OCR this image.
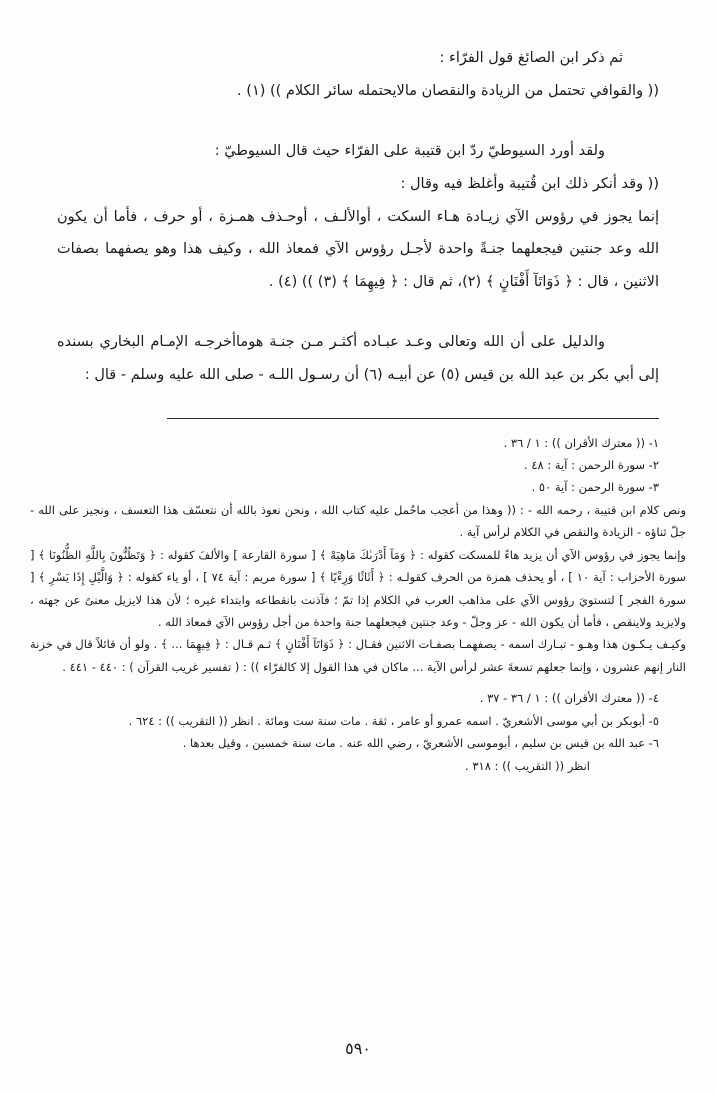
ثم ذكر ابن الصائغ قول الفرّاء :

(( والقوافي تحتمل من الزيادة والنقصان مالايحتمله سائر الكلام )) (١) .

ولقد أورد السيوطيّ ردّ ابن قتيبة على الفرّاء حيث قال السيوطيّ :

(( وقد أنكر ذلك ابن قُتيبة وأغلظ فيه وقال :

إنما يجوز في رؤوس الآي زيـادة هـاء السكت ، أوالألـف ، أوحـذف همـزة ، أو حرف ، فأما أن يكون الله وعد جنتين فيجعلهما جنـةً واحدة لأجـل رؤوس الآي فمعاذ الله ، وكيف هذا وهو يصفهما بصفات الاثنين ، قال : ﴿ ذَوَاتَآ أَفْنَانٍ ﴾ (٢)، ثم قال : ﴿ فِيهِمَا ﴾ (٣) )) (٤) .

والدليل على أن الله وتعالى وعـد عبـاده أكثـر مـن جنـة هوماأخرجـه الإمـام البخاري بسنده إلى أبي بكر بن عبد الله بن قيس (٥) عن أبيـه (٦) أن رسـول اللـه - صلى الله عليه وسلم - قال :

١- (( معترك الأقران )) : ١ / ٣٦ .

٢- سورة الرحمن : آية : ٤٨ .

٣- سورة الرحمن : آية ٥٠ .

ونص كلام ابن قتيبة ، رحمه الله - : (( وهذا من أعجب ماحُمل عليه كتاب الله ، ونحن نعوذ بالله أن نتعسّف هذا التعسف ، ونجيز على الله - جلّ ثناؤه - الزيادة والنقص في الكلام لرأس آية .

وإنما يجوز في رؤوس الآي أن يزيد هاءً للمسكت كقوله : ﴿ وَمَآ أَدْرَىٰكَ مَاهِيَهْ ﴾ [ سورة القارعة ] والألفَ كقوله : ﴿ وَتَظُنُّونَ بِاللَّهِ الظُّنُونَا ﴾ [ سورة الأحزاب : آية ١٠ ] ، أو يحذف همزة من الحرف كقولـه : ﴿ أَثَاثًا وَرِءْيًا ﴾ [ سورة مريم : آية ٧٤ ] ، أو ياء كقوله : ﴿ وَالَّيْلِ إِذَا يَسْرِ ﴾ [ سورة الفجر ] لتستويَ رؤوس الآي على مذاهب العرب في الكلام إذا تمّ ؛ فآذنت بانقطاعه وابتداء غيره ؛ لأن هذا لايزيل معنىً عن جهته ، ولايزيد ولاينقص ، فأما أن يكون الله - عز وجلّ - وعد جنتين فيجعلهما جنة واحدة من أجل رؤوس الآي فمعاذ الله .

وكيـف يـكـون هذا وهـو - تبـارك اسمه - يصفهمـا بصفـات الاثنين فقـال : ﴿ ذَوَاتَآ أَفْنَانٍ ﴾ ثـم قـال : ﴿ فِيهِمَا ... ﴾ . ولو أن قائلاً قال في خزنة النار إنهم عشرون ، وإنما جعلهم تسعةَ عشر لرأس الآية ... ماكان في هذا القول إلا كالفرّاء )) : ( تفسير غريب القرآن ) : ٤٤٠ - ٤٤١ .

٤- (( معترك الأقران )) : ١ / ٣٦ - ٣٧ .

٥- أبوبكر بن أبي موسى الأشعريّ . اسمه عمرو أو عامر ، ثقة . مات سنة ست ومائة . انظر (( التقريب )) : ٦٢٤ .

٦- عبد الله بن قيس بن سليم ، أبوموسى الأشعريّ ، رضي الله عنه . مات سنة خمسين ، وقيل بعدها .

انظر (( التقريب )) : ٣١٨ .

٥٩٠
